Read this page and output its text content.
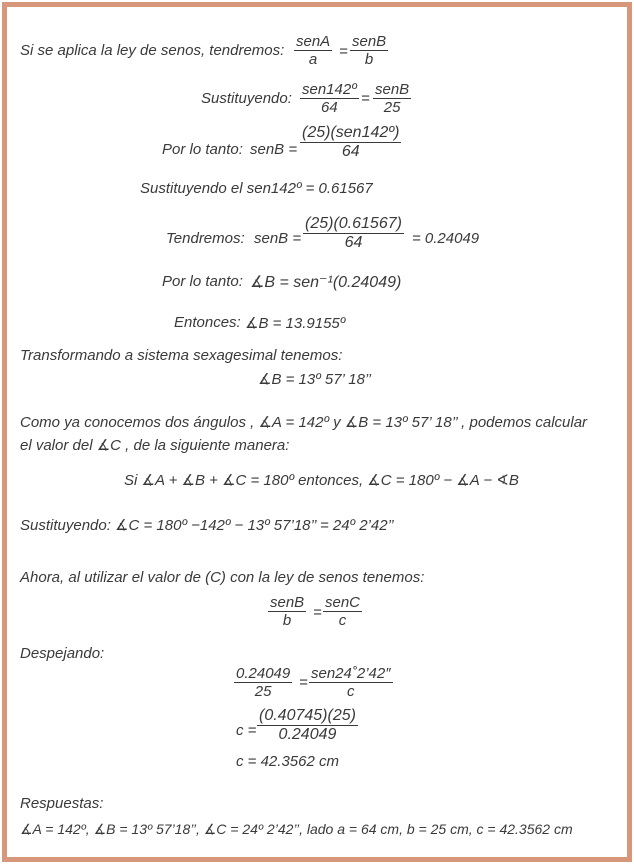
Si se aplica la ley de senos, tendremos:
senA
a	=
senB
b
Sustituyendo:
sen142º
64
=
senB
25
Por lo tanto: senB =
(25)(sen142º)
64
Sustituyendo el sen142º = 0.61567
Tendremos: senB = $\frac{(25)(0.61567)}{64} = 0.24049$
Por lo tanto: ∡B = sen⁻¹(0.24049)
Entonces: ∡B = 13.9155º
Transformando a sistema sexagesimal tenemos:
∡B = 13º 57’ 18’’
Como ya conocemos dos ángulos , ∡A = 142º y ∡B = 13º 57’ 18’’ , podemos calcular
el valor del ∡C , de la siguiente manera:
Si ∡A + ∡B + ∡C = 180º entonces, ∡C = 180º − ∡A − ∢B
Sustituyendo: ∡C = 180º −142º − 13º 57’18’’ = 24º 2’42’’
Ahora, al utilizar el valor de (C) con la ley de senos tenemos:
senB
b	=
senC
c
Despejando:
$\frac{0.24049}{25}$ =
sen24˚2’42″
c
$c = \frac{(0.40745)(25)}{0.24049}$
c = 42.3562 cm
Respuestas:
∡A = 142º, ∡B = 13º 57’18’’, ∡C = 24º 2’42’’, lado a = 64 cm, b = 25 cm, c = 42.3562 cm
